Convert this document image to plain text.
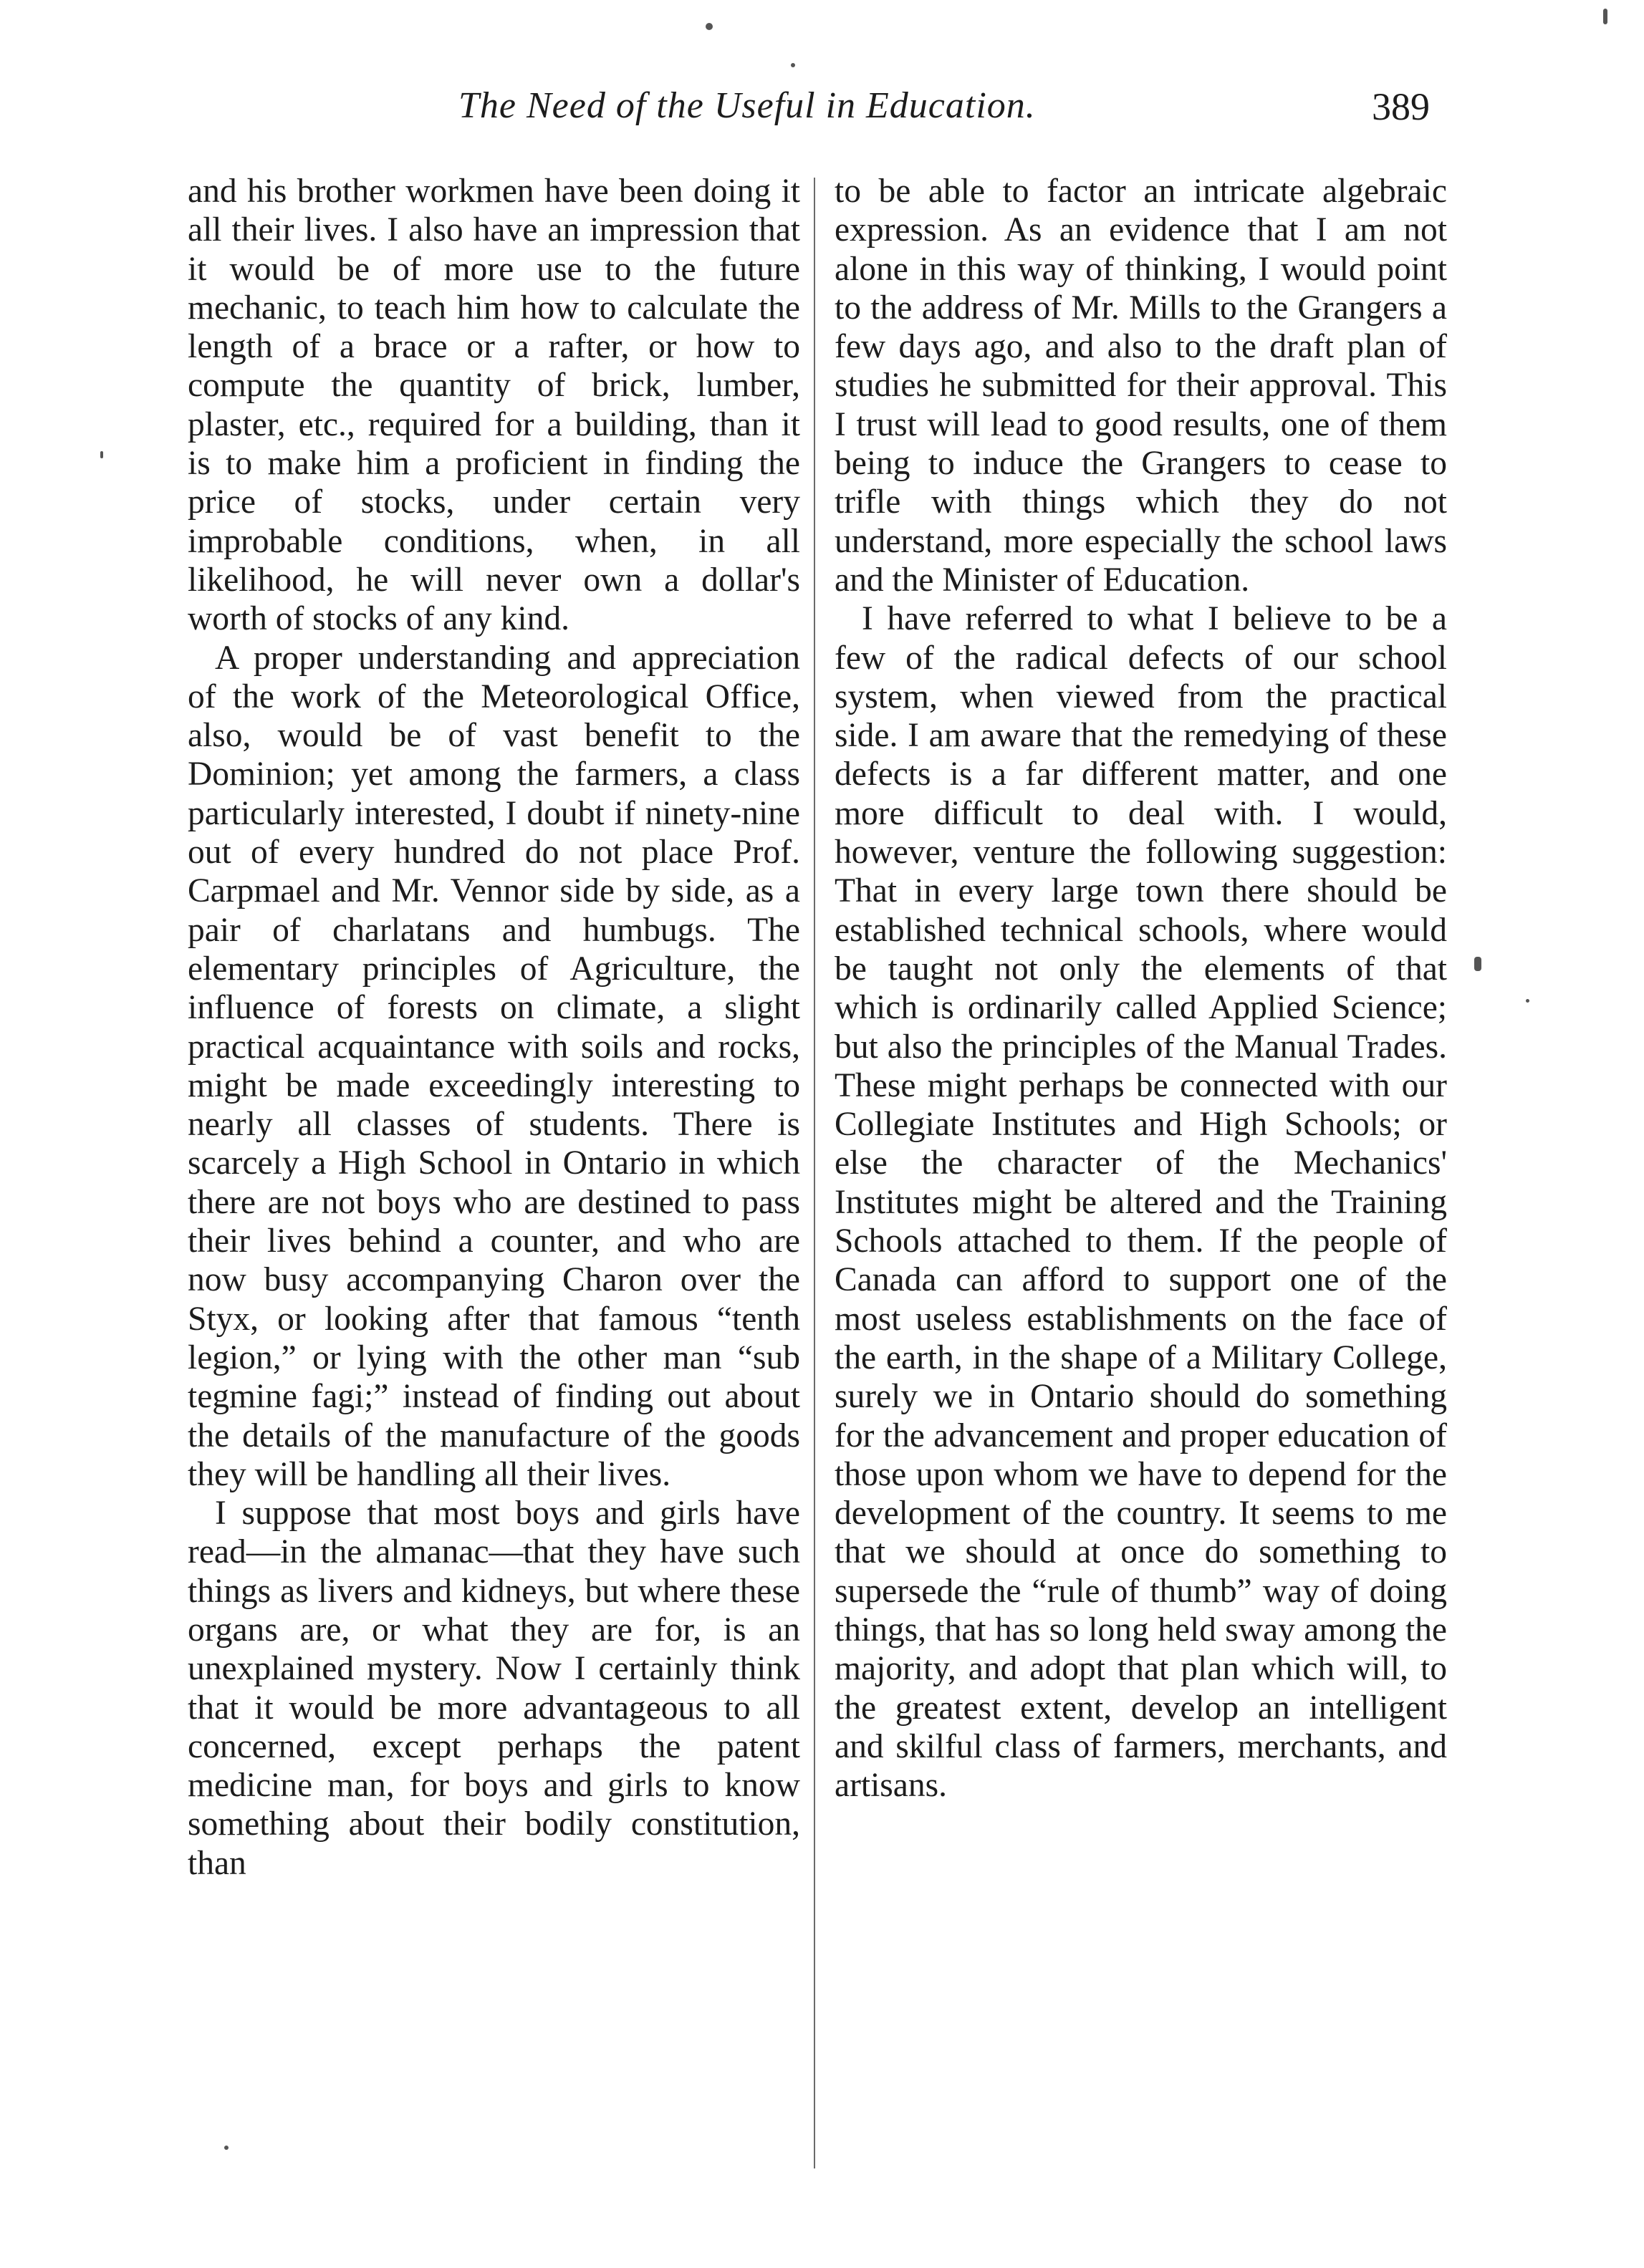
The Need of the Useful in Education.	389

and his brother workmen have been doing it all their lives. I also have an impression that it would be of more use to the future mechanic, to teach him how to calculate the length of a brace or a rafter, or how to compute the quantity of brick, lumber, plaster, etc., required for a building, than it is to make him a proficient in finding the price of stocks, under certain very improbable conditions, when, in all likelihood, he will never own a dollar's worth of stocks of any kind.

A proper understanding and appreciation of the work of the Meteorological Office, also, would be of vast benefit to the Dominion; yet among the farmers, a class particularly interested, I doubt if ninety-nine out of every hundred do not place Prof. Carpmael and Mr. Vennor side by side, as a pair of charlatans and humbugs. The elementary principles of Agriculture, the influence of forests on climate, a slight practical acquaintance with soils and rocks, might be made exceedingly interesting to nearly all classes of students. There is scarcely a High School in Ontario in which there are not boys who are destined to pass their lives behind a counter, and who are now busy accompanying Charon over the Styx, or looking after that famous “tenth legion,” or lying with the other man “sub tegmine fagi;” instead of finding out about the details of the manufacture of the goods they will be handling all their lives.

I suppose that most boys and girls have read—in the almanac—that they have such things as livers and kidneys, but where these organs are, or what they are for, is an unexplained mystery. Now I certainly think that it would be more advantageous to all concerned, except perhaps the patent medicine man, for boys and girls to know something about their bodily constitution, than

to be able to factor an intricate algebraic expression. As an evidence that I am not alone in this way of thinking, I would point to the address of Mr. Mills to the Grangers a few days ago, and also to the draft plan of studies he submitted for their approval. This I trust will lead to good results, one of them being to induce the Grangers to cease to trifle with things which they do not understand, more especially the school laws and the Minister of Education.

I have referred to what I believe to be a few of the radical defects of our school system, when viewed from the practical side. I am aware that the remedying of these defects is a far different matter, and one more difficult to deal with. I would, however, venture the following suggestion: That in every large town there should be established technical schools, where would be taught not only the elements of that which is ordinarily called Applied Science; but also the principles of the Manual Trades. These might perhaps be connected with our Collegiate Institutes and High Schools; or else the character of the Mechanics' Institutes might be altered and the Training Schools attached to them. If the people of Canada can afford to support one of the most useless establishments on the face of the earth, in the shape of a Military College, surely we in Ontario should do something for the advancement and proper education of those upon whom we have to depend for the development of the country. It seems to me that we should at once do something to supersede the “rule of thumb” way of doing things, that has so long held sway among the majority, and adopt that plan which will, to the greatest extent, develop an intelligent and skilful class of farmers, merchants, and artisans.
